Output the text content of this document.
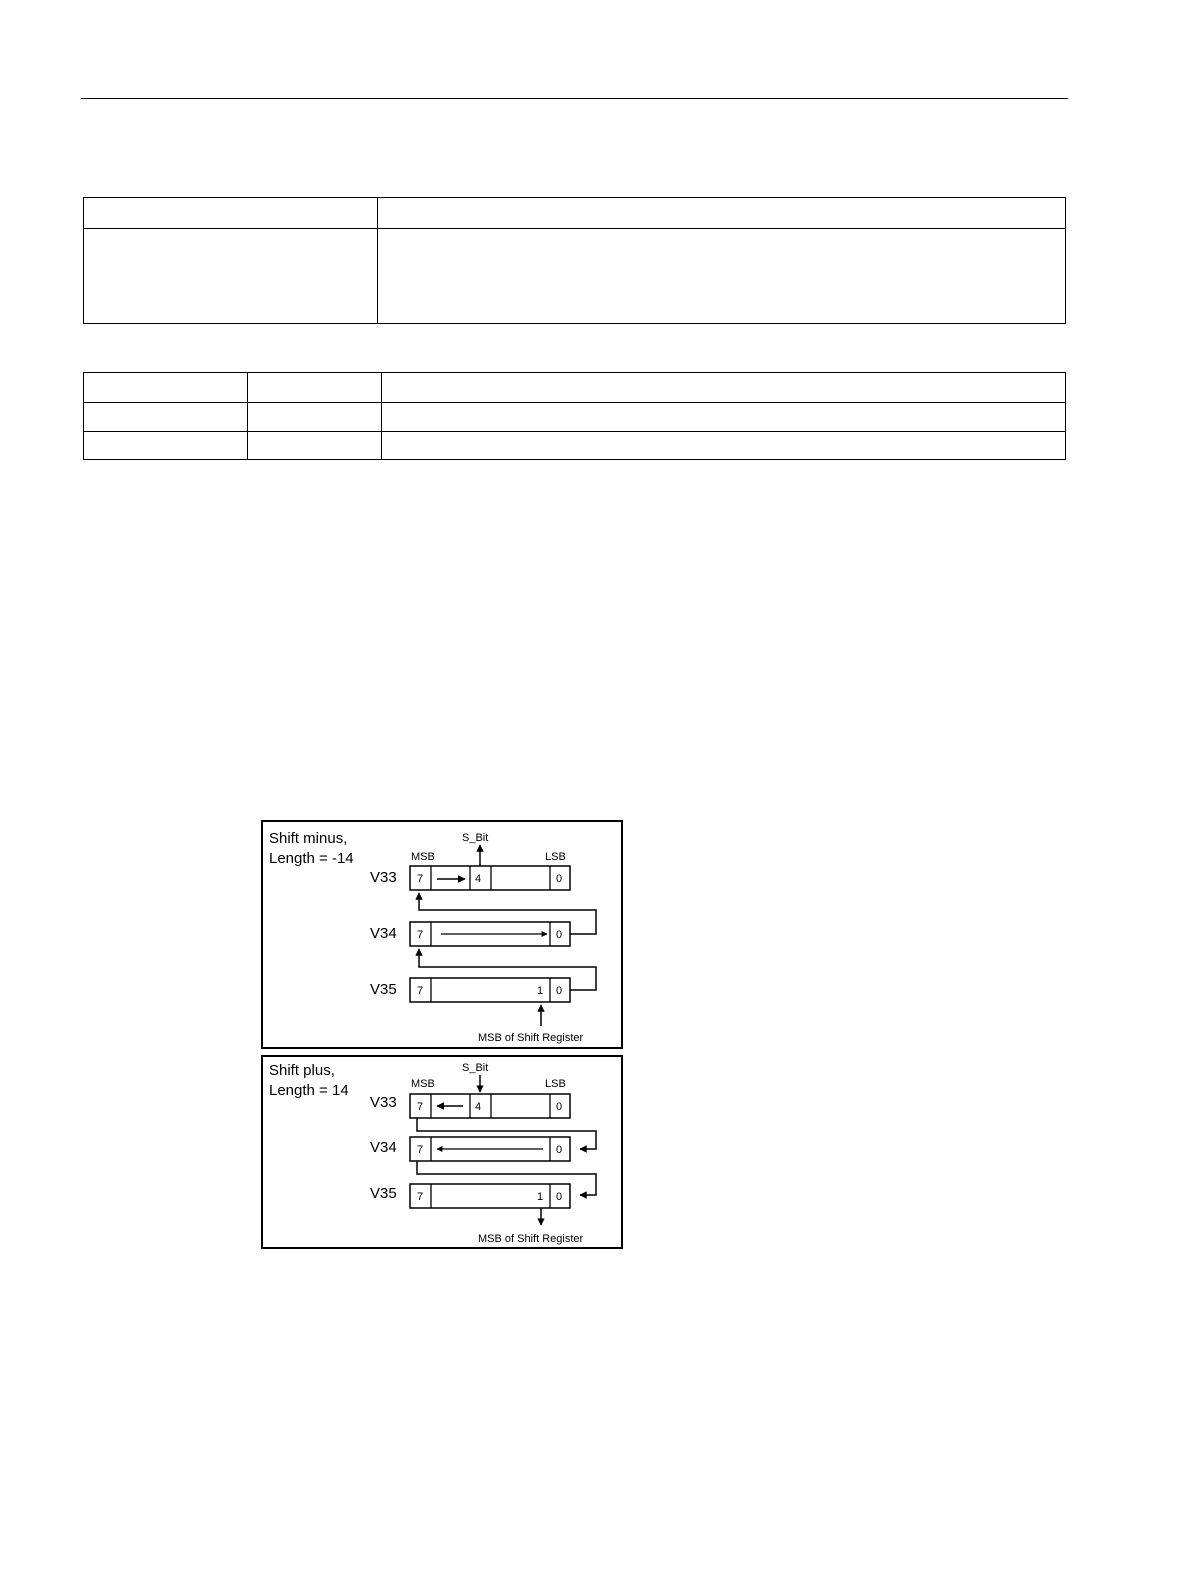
Shift minus,
Length = -14
S_Bit
MSB	LSB
V33 7	4	0
V34 7	0
V35 7	1 0
MSB of Shift Register
Shift plus,
Length = 14
S_Bit
MSB	LSB
V33 7	4	0
V34 7	0
V35 7	1 0
MSB of Shift Register
